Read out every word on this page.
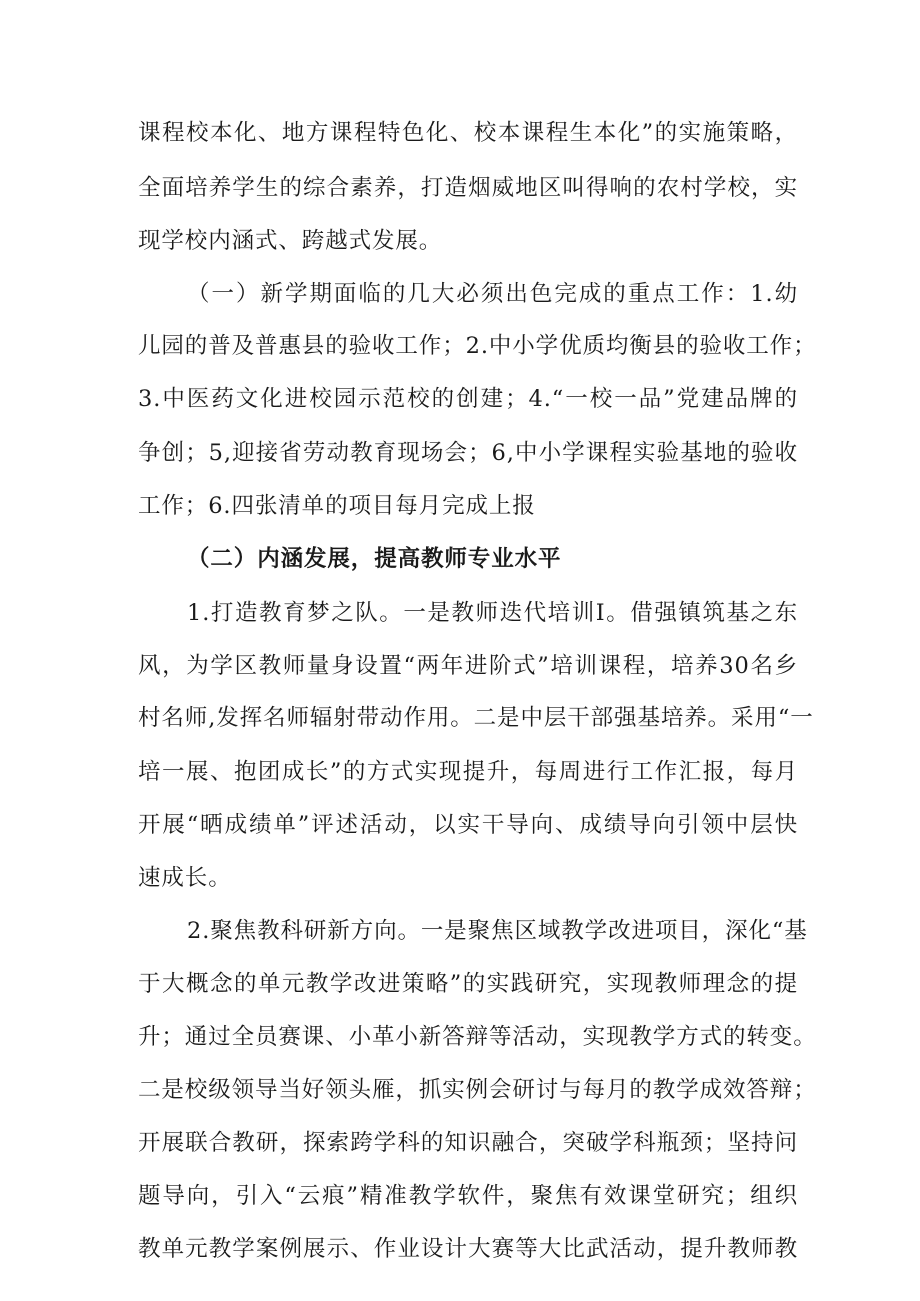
课程校本化、地方课程特色化、校本课程生本化”的实施策略，
全面培养学生的综合素养，打造烟威地区叫得响的农村学校，实
现学校内涵式、跨越式发展。
（一）新学期面临的几大必须出色完成的重点工作：1.幼
儿园的普及普惠县的验收工作；2.中小学优质均衡县的验收工作；
3.中医药文化进校园示范校的创建；4.“一校一品”党建品牌的
争创；5,迎接省劳动教育现场会；6,中小学课程实验基地的验收
工作；6.四张清单的项目每月完成上报
（二）内涵发展，提高教师专业水平
1.打造教育梦之队。一是教师迭代培训Ⅰ。借强镇筑基之东
风，为学区教师量身设置“两年进阶式”培训课程，培养30名乡
村名师,发挥名师辐射带动作用。二是中层干部强基培养。采用“一
培一展、抱团成长”的方式实现提升，每周进行工作汇报，每月
开展“晒成绩单”评述活动，以实干导向、成绩导向引领中层快
速成长。
2.聚焦教科研新方向。一是聚焦区域教学改进项目，深化“基
于大概念的单元教学改进策略”的实践研究，实现教师理念的提
升；通过全员赛课、小革小新答辩等活动，实现教学方式的转变。
二是校级领导当好领头雁，抓实例会研讨与每月的教学成效答辩；
开展联合教研，探索跨学科的知识融合，突破学科瓶颈；坚持问
题导向，引入“云痕”精准教学软件，聚焦有效课堂研究；组织
教单元教学案例展示、作业设计大赛等大比武活动，提升教师教
